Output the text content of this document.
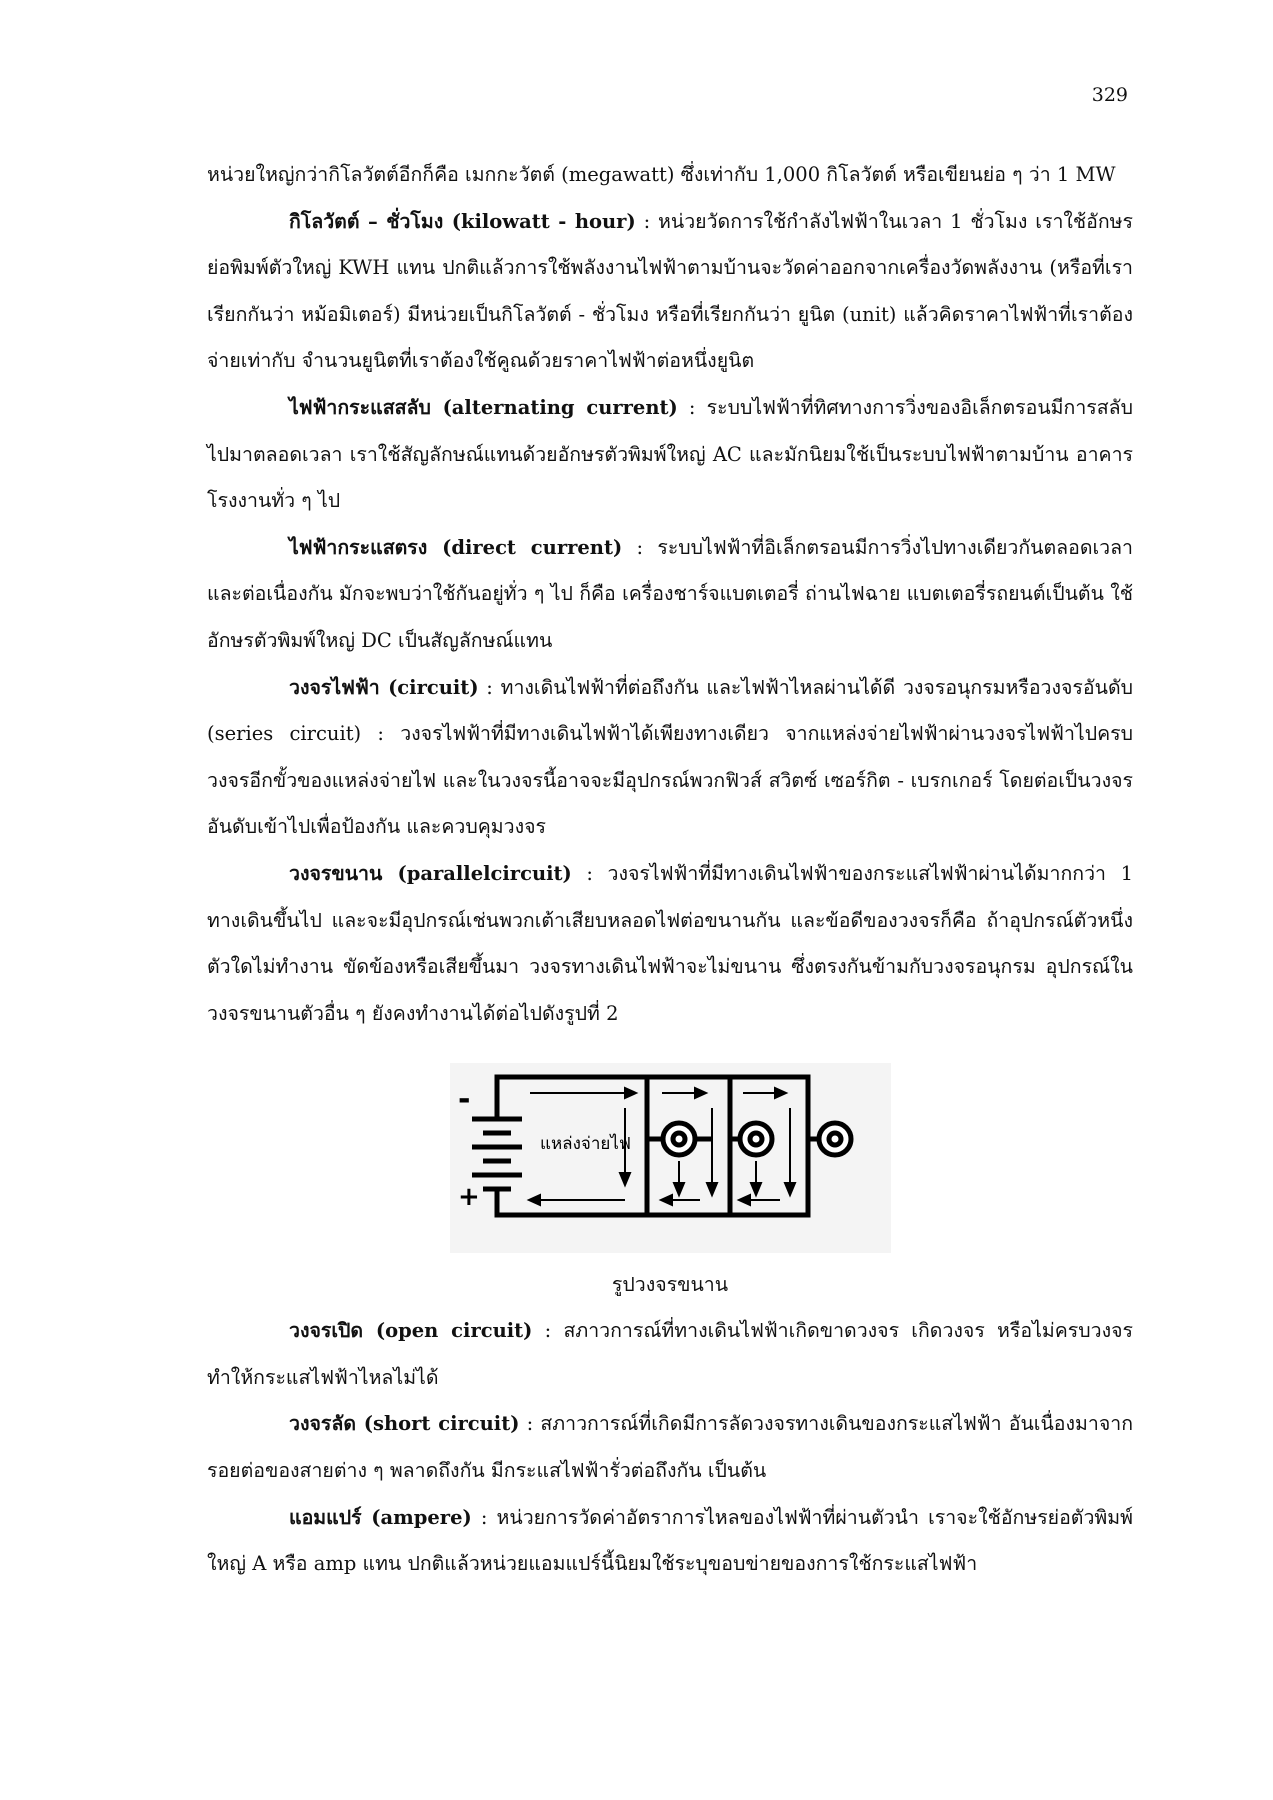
329

หน่วยใหญ่กว่ากิโลวัตต์อีกก็คือ เมกกะวัตต์ (megawatt) ซึ่งเท่ากับ 1,000 กิโลวัตต์ หรือเขียนย่อ ๆ ว่า 1 MW

กิโลวัตต์ – ชั่วโมง (kilowatt - hour) : หน่วยวัดการใช้กำลังไฟฟ้าในเวลา 1 ชั่วโมง เราใช้อักษรย่อพิมพ์ตัวใหญ่ KWH แทน ปกติแล้วการใช้พลังงานไฟฟ้าตามบ้านจะวัดค่าออกจากเครื่องวัดพลังงาน (หรือที่เราเรียกกันว่า หม้อมิเตอร์) มีหน่วยเป็นกิโลวัตต์ - ชั่วโมง หรือที่เรียกกันว่า ยูนิต (unit) แล้วคิดราคาไฟฟ้าที่เราต้องจ่ายเท่ากับ จำนวนยูนิตที่เราต้องใช้คูณด้วยราคาไฟฟ้าต่อหนึ่งยูนิต

ไฟฟ้ากระแสสลับ (alternating current) : ระบบไฟฟ้าที่ทิศทางการวิ่งของอิเล็กตรอนมีการสลับไปมาตลอดเวลา เราใช้สัญลักษณ์แทนด้วยอักษรตัวพิมพ์ใหญ่ AC และมักนิยมใช้เป็นระบบไฟฟ้าตามบ้าน อาคาร โรงงานทั่ว ๆ ไป

ไฟฟ้ากระแสตรง (direct current) : ระบบไฟฟ้าที่อิเล็กตรอนมีการวิ่งไปทางเดียวกันตลอดเวลา และต่อเนื่องกัน มักจะพบว่าใช้กันอยู่ทั่ว ๆ ไป ก็คือ เครื่องชาร์จแบตเตอรี่ ถ่านไฟฉาย แบตเตอรี่รถยนต์เป็นต้น ใช้อักษรตัวพิมพ์ใหญ่ DC เป็นสัญลักษณ์แทน

วงจรไฟฟ้า (circuit) : ทางเดินไฟฟ้าที่ต่อถึงกัน และไฟฟ้าไหลผ่านได้ดี วงจรอนุกรมหรือวงจรอันดับ (series circuit) : วงจรไฟฟ้าที่มีทางเดินไฟฟ้าได้เพียงทางเดียว จากแหล่งจ่ายไฟฟ้าผ่านวงจรไฟฟ้าไปครบวงจรอีกขั้วของแหล่งจ่ายไฟ และในวงจรนี้อาจจะมีอุปกรณ์พวกฟิวส์ สวิตซ์ เซอร์กิต - เบรกเกอร์ โดยต่อเป็นวงจรอันดับเข้าไปเพื่อป้องกัน และควบคุมวงจร

วงจรขนาน (parallelcircuit) : วงจรไฟฟ้าที่มีทางเดินไฟฟ้าของกระแสไฟฟ้าผ่านได้มากกว่า 1 ทางเดินขึ้นไป และจะมีอุปกรณ์เช่นพวกเต้าเสียบหลอดไฟต่อขนานกัน และข้อดีของวงจรก็คือ ถ้าอุปกรณ์ตัวหนึ่งตัวใดไม่ทำงาน ขัดข้องหรือเสียขึ้นมา วงจรทางเดินไฟฟ้าจะไม่ขนาน ซึ่งตรงกันข้ามกับวงจรอนุกรม อุปกรณ์ในวงจรขนานตัวอื่น ๆ ยังคงทำงานได้ต่อไปดังรูปที่ 2

-
+
แหล่งจ่ายไฟ
รูปวงจรขนาน

วงจรเปิด (open circuit) : สภาวการณ์ที่ทางเดินไฟฟ้าเกิดขาดวงจร เกิดวงจร หรือไม่ครบวงจร ทำให้กระแสไฟฟ้าไหลไม่ได้

วงจรลัด (short circuit) : สภาวการณ์ที่เกิดมีการลัดวงจรทางเดินของกระแสไฟฟ้า อันเนื่องมาจากรอยต่อของสายต่าง ๆ พลาดถึงกัน มีกระแสไฟฟ้ารั่วต่อถึงกัน เป็นต้น

แอมแปร์ (ampere) : หน่วยการวัดค่าอัตราการไหลของไฟฟ้าที่ผ่านตัวนำ เราจะใช้อักษรย่อตัวพิมพ์ใหญ่ A หรือ amp แทน ปกติแล้วหน่วยแอมแปร์นี้นิยมใช้ระบุขอบข่ายของการใช้กระแสไฟฟ้า
